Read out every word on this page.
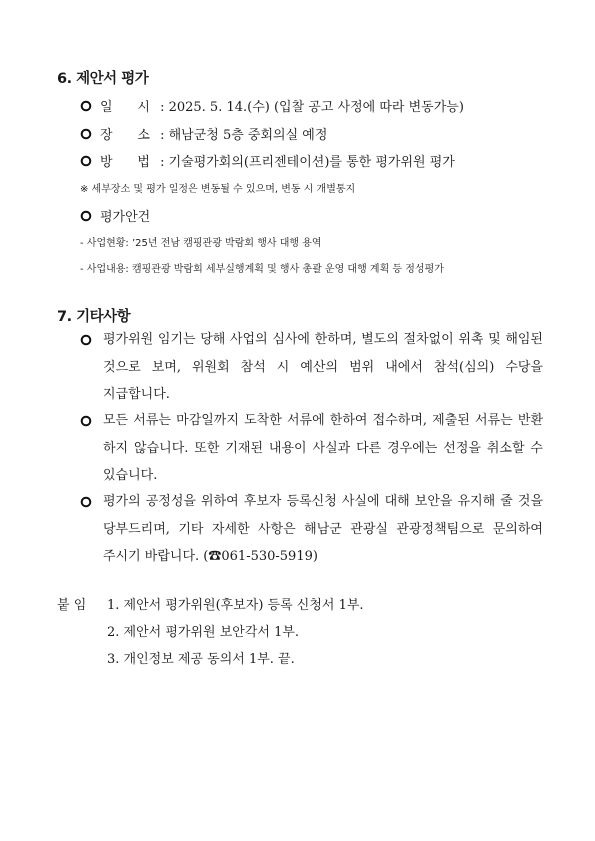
6. 제안서 평가
일      시 : 2025. 5. 14.(수) (입찰 공고 사정에 따라 변동가능)
장      소 : 해남군청 5층 중회의실 예정
방      법 : 기술평가회의(프리젠테이션)를 통한 평가위원 평가
※ 세부장소 및 평가 일정은 변동될 수 있으며, 변동 시 개별통지
평가안건
- 사업현황: ’25년 전남 캠핑관광 박람회 행사 대행 용역
- 사업내용: 캠핑관광 박람회 세부실행계획 및 행사 총괄 운영 대행 계획 등 정성평가
7. 기타사항
평가위원 임기는 당해 사업의 심사에 한하며, 별도의 절차없이 위촉 및 해임된 것으로 보며, 위원회 참석 시 예산의 범위 내에서 참석(심의) 수당을 지급합니다.
모든 서류는 마감일까지 도착한 서류에 한하여 접수하며, 제출된 서류는 반환 하지 않습니다. 또한 기재된 내용이 사실과 다른 경우에는 선정을 취소할 수 있습니다.
평가의 공정성을 위하여 후보자 등록신청 사실에 대해 보안을 유지해 줄 것을 당부드리며, 기타 자세한 사항은 해남군 관광실 관광정책팀으로 문의하여 주시기 바랍니다. (☎061-530-5919)
붙 임 1. 제안서 평가위원(후보자) 등록 신청서 1부.
2. 제안서 평가위원 보안각서 1부.
3. 개인정보 제공 동의서 1부. 끝.
